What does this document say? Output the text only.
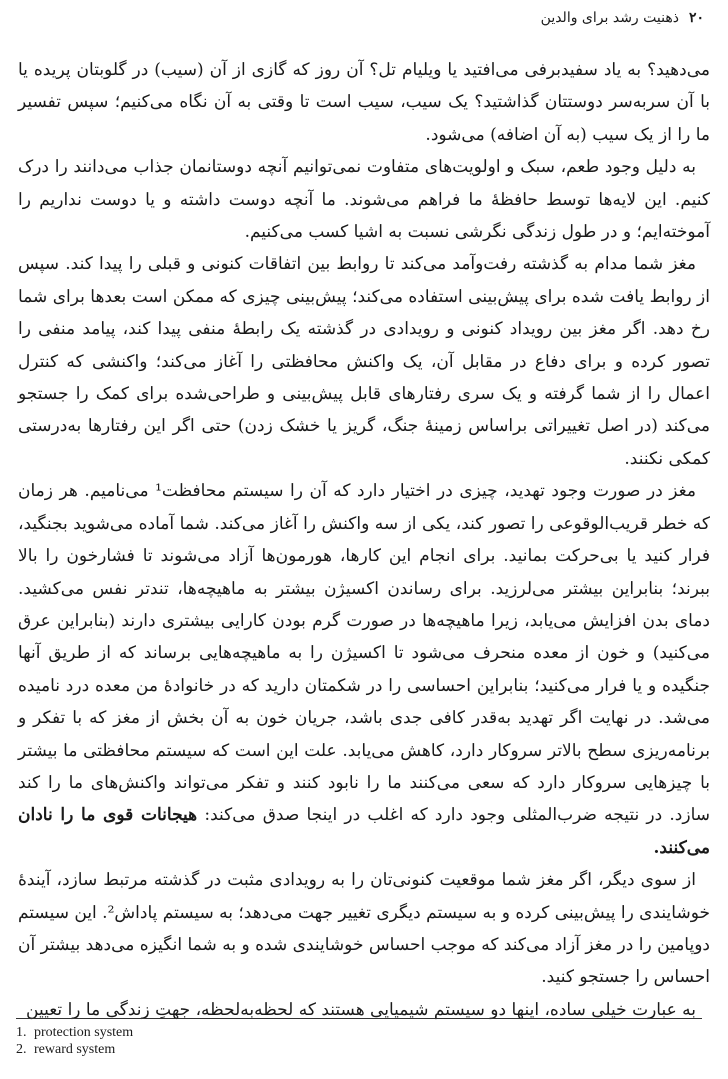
۲۰
ذهنیت رشد برای والدین

می‌دهید؟ به یاد سفیدبرفی می‌افتید یا ویلیام تل؟ آن روز که گازی از آن (سیب) در گلوبتان پریده یا با آن سربه‌سر دوستتان گذاشتید؟ یک سیب، سیب است تا وقتی به آن نگاه می‌کنیم؛ سپس تفسیر ما را از یک سیب (به آن اضافه) می‌شود.

به دلیل وجود طعم، سبک و اولویت‌های متفاوت نمی‌توانیم آنچه دوستانمان جذاب می‌دانند را درک کنیم. این لایه‌ها توسط حافظهٔ ما فراهم می‌شوند. ما آنچه دوست داشته و یا دوست نداریم را آموخته‌ایم؛ و در طول زندگی نگرشی نسبت به اشیا کسب می‌کنیم.

مغز شما مدام به گذشته رفت‌وآمد می‌کند تا روابط بین اتفاقات کنونی و قبلی را پیدا کند. سپس از روابط یافت شده برای پیش‌بینی استفاده می‌کند؛ پیش‌بینی چیزی که ممکن است بعدها برای شما رخ دهد. اگر مغز بین رویداد کنونی و رویدادی در گذشته یک رابطهٔ منفی پیدا کند، پیامد منفی را تصور کرده و برای دفاع در مقابل آن، یک واکنش محافظتی را آغاز می‌کند؛ واکنشی که کنترل اعمال را از شما گرفته و یک سری رفتارهای قابل پیش‌بینی و طراحی‌شده برای کمک را جستجو می‌کند (در اصل تغییراتی براساس زمینهٔ جنگ، گریز یا خشک زدن) حتی اگر این رفتارها به‌درستی کمکی نکنند.

مغز در صورت وجود تهدید، چیزی در اختیار دارد که آن را سیستم محافظت¹ می‌نامیم. هر زمان که خطر قریب‌الوقوعی را تصور کند، یکی از سه واکنش را آغاز می‌کند. شما آماده می‌شوید بجنگید، فرار کنید یا بی‌حرکت بمانید. برای انجام این کارها، هورمون‌ها آزاد می‌شوند تا فشارخون را بالا ببرند؛ بنابراین بیشتر می‌لرزید. برای رساندن اکسیژن بیشتر به ماهیچه‌ها، تندتر نفس می‌کشید. دمای بدن افزایش می‌یابد، زیرا ماهیچه‌ها در صورت گرم بودن کارایی بیشتری دارند (بنابراین عرق می‌کنید) و خون از معده منحرف می‌شود تا اکسیژن را به ماهیچه‌هایی برساند که از طریق آنها جنگیده و یا فرار می‌کنید؛ بنابراین احساسی را در شکمتان دارید که در خانوادهٔ من معده درد نامیده می‌شد. در نهایت اگر تهدید به‌قدر کافی جدی باشد، جریان خون به آن بخش از مغز که با تفکر و برنامه‌ریزی سطح بالاتر سروکار دارد، کاهش می‌یابد. علت این است که سیستم محافظتی ما بیشتر با چیزهایی سروکار دارد که سعی می‌کنند ما را نابود کنند و تفکر می‌تواند واکنش‌های ما را کند سازد. در نتیجه ضرب‌المثلی وجود دارد که اغلب در اینجا صدق می‌کند: هیجانات قوی ما را نادان می‌کنند.

از سوی دیگر، اگر مغز شما موقعیت کنونی‌تان را به رویدادی مثبت در گذشته مرتبط سازد، آیندهٔ خوشایندی را پیش‌بینی کرده و به سیستم دیگری تغییر جهت می‌دهد؛ به سیستم پاداش². این سیستم دوپامین را در مغز آزاد می‌کند که موجب احساس خوشایندی شده و به شما انگیزه می‌دهد بیشتر آن احساس را جستجو کنید.

به عبارت خیلی ساده، اینها دو سیستم شیمیایی هستند که لحظه‌به‌لحظه، جهتِ زندگی ما را تعیین

1. protection system
2. reward system
